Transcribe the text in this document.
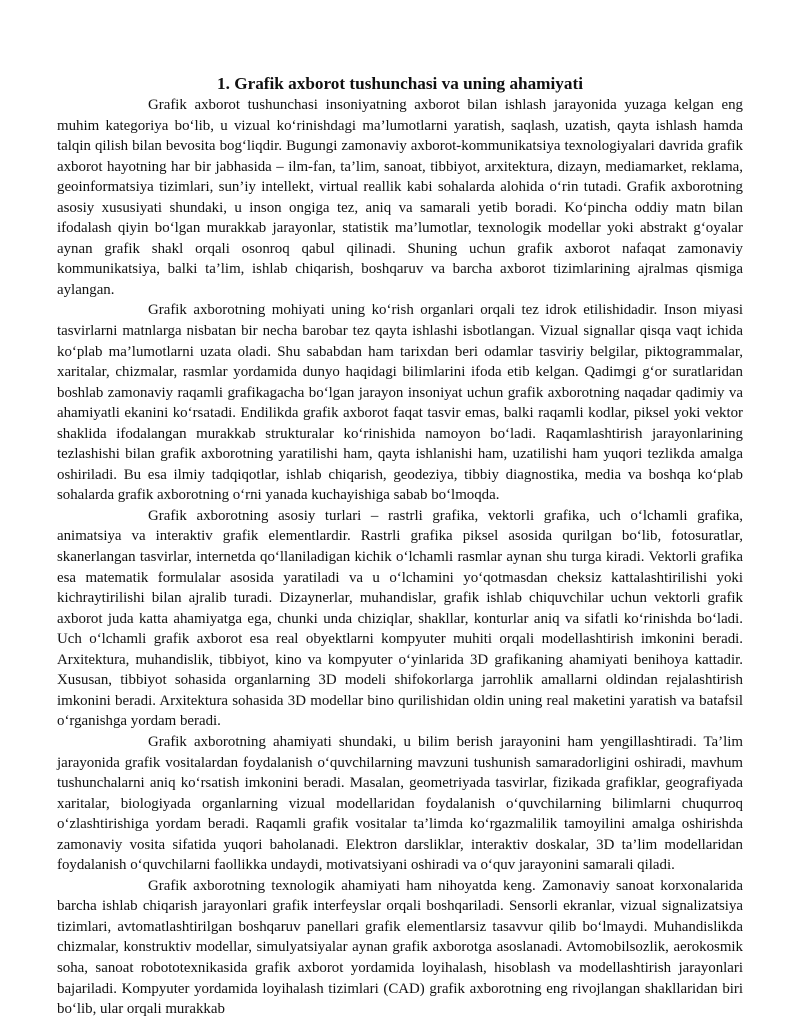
1. Grafik axborot tushunchasi va uning ahamiyati

Grafik axborot tushunchasi insoniyatning axborot bilan ishlash jarayonida yuzaga kelgan eng muhim kategoriya bo‘lib, u vizual ko‘rinishdagi ma’lumotlarni yaratish, saqlash, uzatish, qayta ishlash hamda talqin qilish bilan bevosita bog‘liqdir. Bugungi zamonaviy axborot-kommunikatsiya texnologiyalari davrida grafik axborot hayotning har bir jabhasida – ilm-fan, ta’lim, sanoat, tibbiyot, arxitektura, dizayn, mediamarket, reklama, geoinformatsiya tizimlari, sun’iy intellekt, virtual reallik kabi sohalarda alohida o‘rin tutadi. Grafik axborotning asosiy xususiyati shundaki, u inson ongiga tez, aniq va samarali yetib boradi. Ko‘pincha oddiy matn bilan ifodalash qiyin bo‘lgan murakkab jarayonlar, statistik ma’lumotlar, texnologik modellar yoki abstrakt g‘oyalar aynan grafik shakl orqali osonroq qabul qilinadi. Shuning uchun grafik axborot nafaqat zamonaviy kommunikatsiya, balki ta’lim, ishlab chiqarish, boshqaruv va barcha axborot tizimlarining ajralmas qismiga aylangan.

Grafik axborotning mohiyati uning ko‘rish organlari orqali tez idrok etilishidadir. Inson miyasi tasvirlarni matnlarga nisbatan bir necha barobar tez qayta ishlashi isbotlangan. Vizual signallar qisqa vaqt ichida ko‘plab ma’lumotlarni uzata oladi. Shu sababdan ham tarixdan beri odamlar tasviriy belgilar, piktogrammalar, xaritalar, chizmalar, rasmlar yordamida dunyo haqidagi bilimlarini ifoda etib kelgan. Qadimgi g‘or suratlaridan boshlab zamonaviy raqamli grafikagacha bo‘lgan jarayon insoniyat uchun grafik axborotning naqadar qadimiy va ahamiyatli ekanini ko‘rsatadi. Endilikda grafik axborot faqat tasvir emas, balki raqamli kodlar, piksel yoki vektor shaklida ifodalangan murakkab strukturalar ko‘rinishida namoyon bo‘ladi. Raqamlashtirish jarayonlarining tezlashishi bilan grafik axborotning yaratilishi ham, qayta ishlanishi ham, uzatilishi ham yuqori tezlikda amalga oshiriladi. Bu esa ilmiy tadqiqotlar, ishlab chiqarish, geodeziya, tibbiy diagnostika, media va boshqa ko‘plab sohalarda grafik axborotning o‘rni yanada kuchayishiga sabab bo‘lmoqda.

Grafik axborotning asosiy turlari – rastrli grafika, vektorli grafika, uch o‘lchamli grafika, animatsiya va interaktiv grafik elementlardir. Rastrli grafika piksel asosida qurilgan bo‘lib, fotosuratlar, skanerlangan tasvirlar, internetda qo‘llaniladigan kichik o‘lchamli rasmlar aynan shu turga kiradi. Vektorli grafika esa matematik formulalar asosida yaratiladi va u o‘lchamini yo‘qotmasdan cheksiz kattalashtirilishi yoki kichraytirilishi bilan ajralib turadi. Dizaynerlar, muhandislar, grafik ishlab chiquvchilar uchun vektorli grafik axborot juda katta ahamiyatga ega, chunki unda chiziqlar, shakllar, konturlar aniq va sifatli ko‘rinishda bo‘ladi. Uch o‘lchamli grafik axborot esa real obyektlarni kompyuter muhiti orqali modellashtirish imkonini beradi. Arxitektura, muhandislik, tibbiyot, kino va kompyuter o‘yinlarida 3D grafikaning ahamiyati benihoya kattadir. Xususan, tibbiyot sohasida organlarning 3D modeli shifokorlarga jarrohlik amallarni oldindan rejalashtirish imkonini beradi. Arxitektura sohasida 3D modellar bino qurilishidan oldin uning real maketini yaratish va batafsil o‘rganishga yordam beradi.

Grafik axborotning ahamiyati shundaki, u bilim berish jarayonini ham yengillashtiradi. Ta’lim jarayonida grafik vositalardan foydalanish o‘quvchilarning mavzuni tushunish samaradorligini oshiradi, mavhum tushunchalarni aniq ko‘rsatish imkonini beradi. Masalan, geometriyada tasvirlar, fizikada grafiklar, geografiyada xaritalar, biologiyada organlarning vizual modellaridan foydalanish o‘quvchilarning bilimlarni chuqurroq o‘zlashtirishiga yordam beradi. Raqamli grafik vositalar ta’limda ko‘rgazmalilik tamoyilini amalga oshirishda zamonaviy vosita sifatida yuqori baholanadi. Elektron darsliklar, interaktiv doskalar, 3D ta’lim modellaridan foydalanish o‘quvchilarni faollikka undaydi, motivatsiyani oshiradi va o‘quv jarayonini samarali qiladi.

Grafik axborotning texnologik ahamiyati ham nihoyatda keng. Zamonaviy sanoat korxonalarida barcha ishlab chiqarish jarayonlari grafik interfeyslar orqali boshqariladi. Sensorli ekranlar, vizual signalizatsiya tizimlari, avtomatlashtirilgan boshqaruv panellari grafik elementlarsiz tasavvur qilib bo‘lmaydi. Muhandislikda chizmalar, konstruktiv modellar, simulyatsiyalar aynan grafik axborotga asoslanadi. Avtomobilsozlik, aerokosmik soha, sanoat robototexnikasida grafik axborot yordamida loyihalash, hisoblash va modellashtirish jarayonlari bajariladi. Kompyuter yordamida loyihalash tizimlari (CAD) grafik axborotning eng rivojlangan shakllaridan biri bo‘lib, ular orqali murakkab
